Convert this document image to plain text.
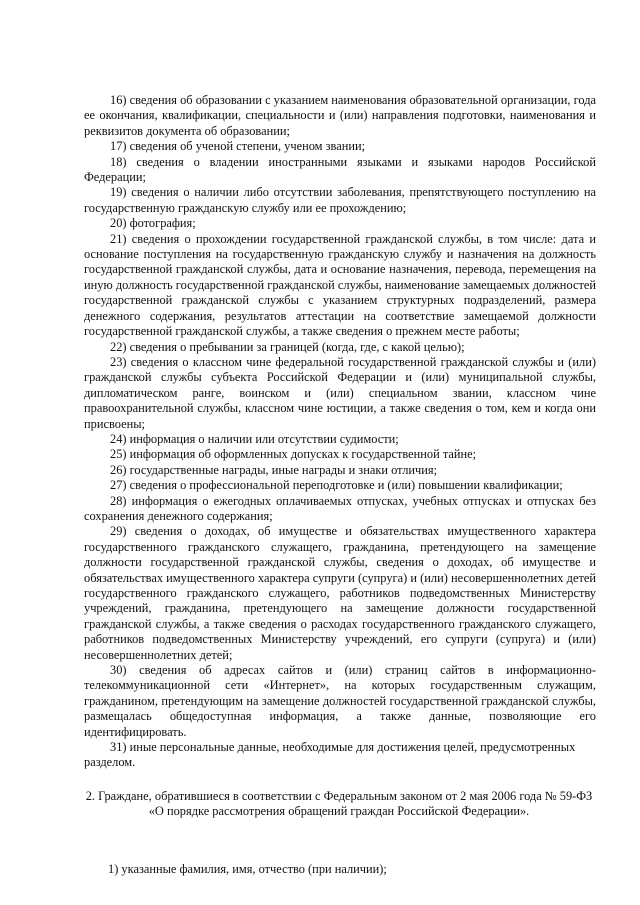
16) сведения об образовании с указанием наименования образовательной организации, года ее окончания, квалификации, специальности и (или) направления подготовки, наименования и реквизитов документа об образовании;

17) сведения об ученой степени, ученом звании;

18) сведения о владении иностранными языками и языками народов Российской Федерации;

19) сведения о наличии либо отсутствии заболевания, препятствующего поступлению на государственную гражданскую службу или ее прохождению;

20) фотография;

21) сведения о прохождении государственной гражданской службы, в том числе: дата и основание поступления на государственную гражданскую службу и назначения на должность государственной гражданской службы, дата и основание назначения, перевода, перемещения на иную должность государственной гражданской службы, наименование замещаемых должностей государственной гражданской службы с указанием структурных подразделений, размера денежного содержания, результатов аттестации на соответствие замещаемой должности государственной гражданской службы, а также сведения о прежнем месте работы;

22) сведения о пребывании за границей (когда, где, с какой целью);

23) сведения о классном чине федеральной государственной гражданской службы и (или) гражданской службы субъекта Российской Федерации и (или) муниципальной службы, дипломатическом ранге, воинском и (или) специальном звании, классном чине правоохранительной службы, классном чине юстиции, а также сведения о том, кем и когда они присвоены;

24) информация о наличии или отсутствии судимости;

25) информация об оформленных допусках к государственной тайне;

26) государственные награды, иные награды и знаки отличия;

27) сведения о профессиональной переподготовке и (или) повышении квалификации;

28) информация о ежегодных оплачиваемых отпусках, учебных отпусках и отпусках без сохранения денежного содержания;

29) сведения о доходах, об имуществе и обязательствах имущественного характера государственного гражданского служащего, гражданина, претендующего на замещение должности государственной гражданской службы, сведения о доходах, об имуществе и обязательствах имущественного характера супруги (супруга) и (или) несовершеннолетних детей государственного гражданского служащего, работников подведомственных Министерству учреждений, гражданина, претендующего на замещение должности государственной гражданской службы, а также сведения о расходах государственного гражданского служащего, работников подведомственных Министерству учреждений, его супруги (супруга) и (или) несовершеннолетних детей;

30) сведения об адресах сайтов и (или) страниц сайтов в информационно-телекоммуникационной сети «Интернет», на которых государственным служащим, гражданином, претендующим на замещение должностей государственной гражданской службы, размещалась общедоступная информация, а также данные, позволяющие его идентифицировать.

31) иные персональные данные, необходимые для достижения целей, предусмотренных разделом.

2. Граждане, обратившиеся в соответствии с Федеральным законом от 2 мая 2006 года № 59-ФЗ «О порядке рассмотрения обращений граждан Российской Федерации».

1) указанные фамилия, имя, отчество (при наличии);
